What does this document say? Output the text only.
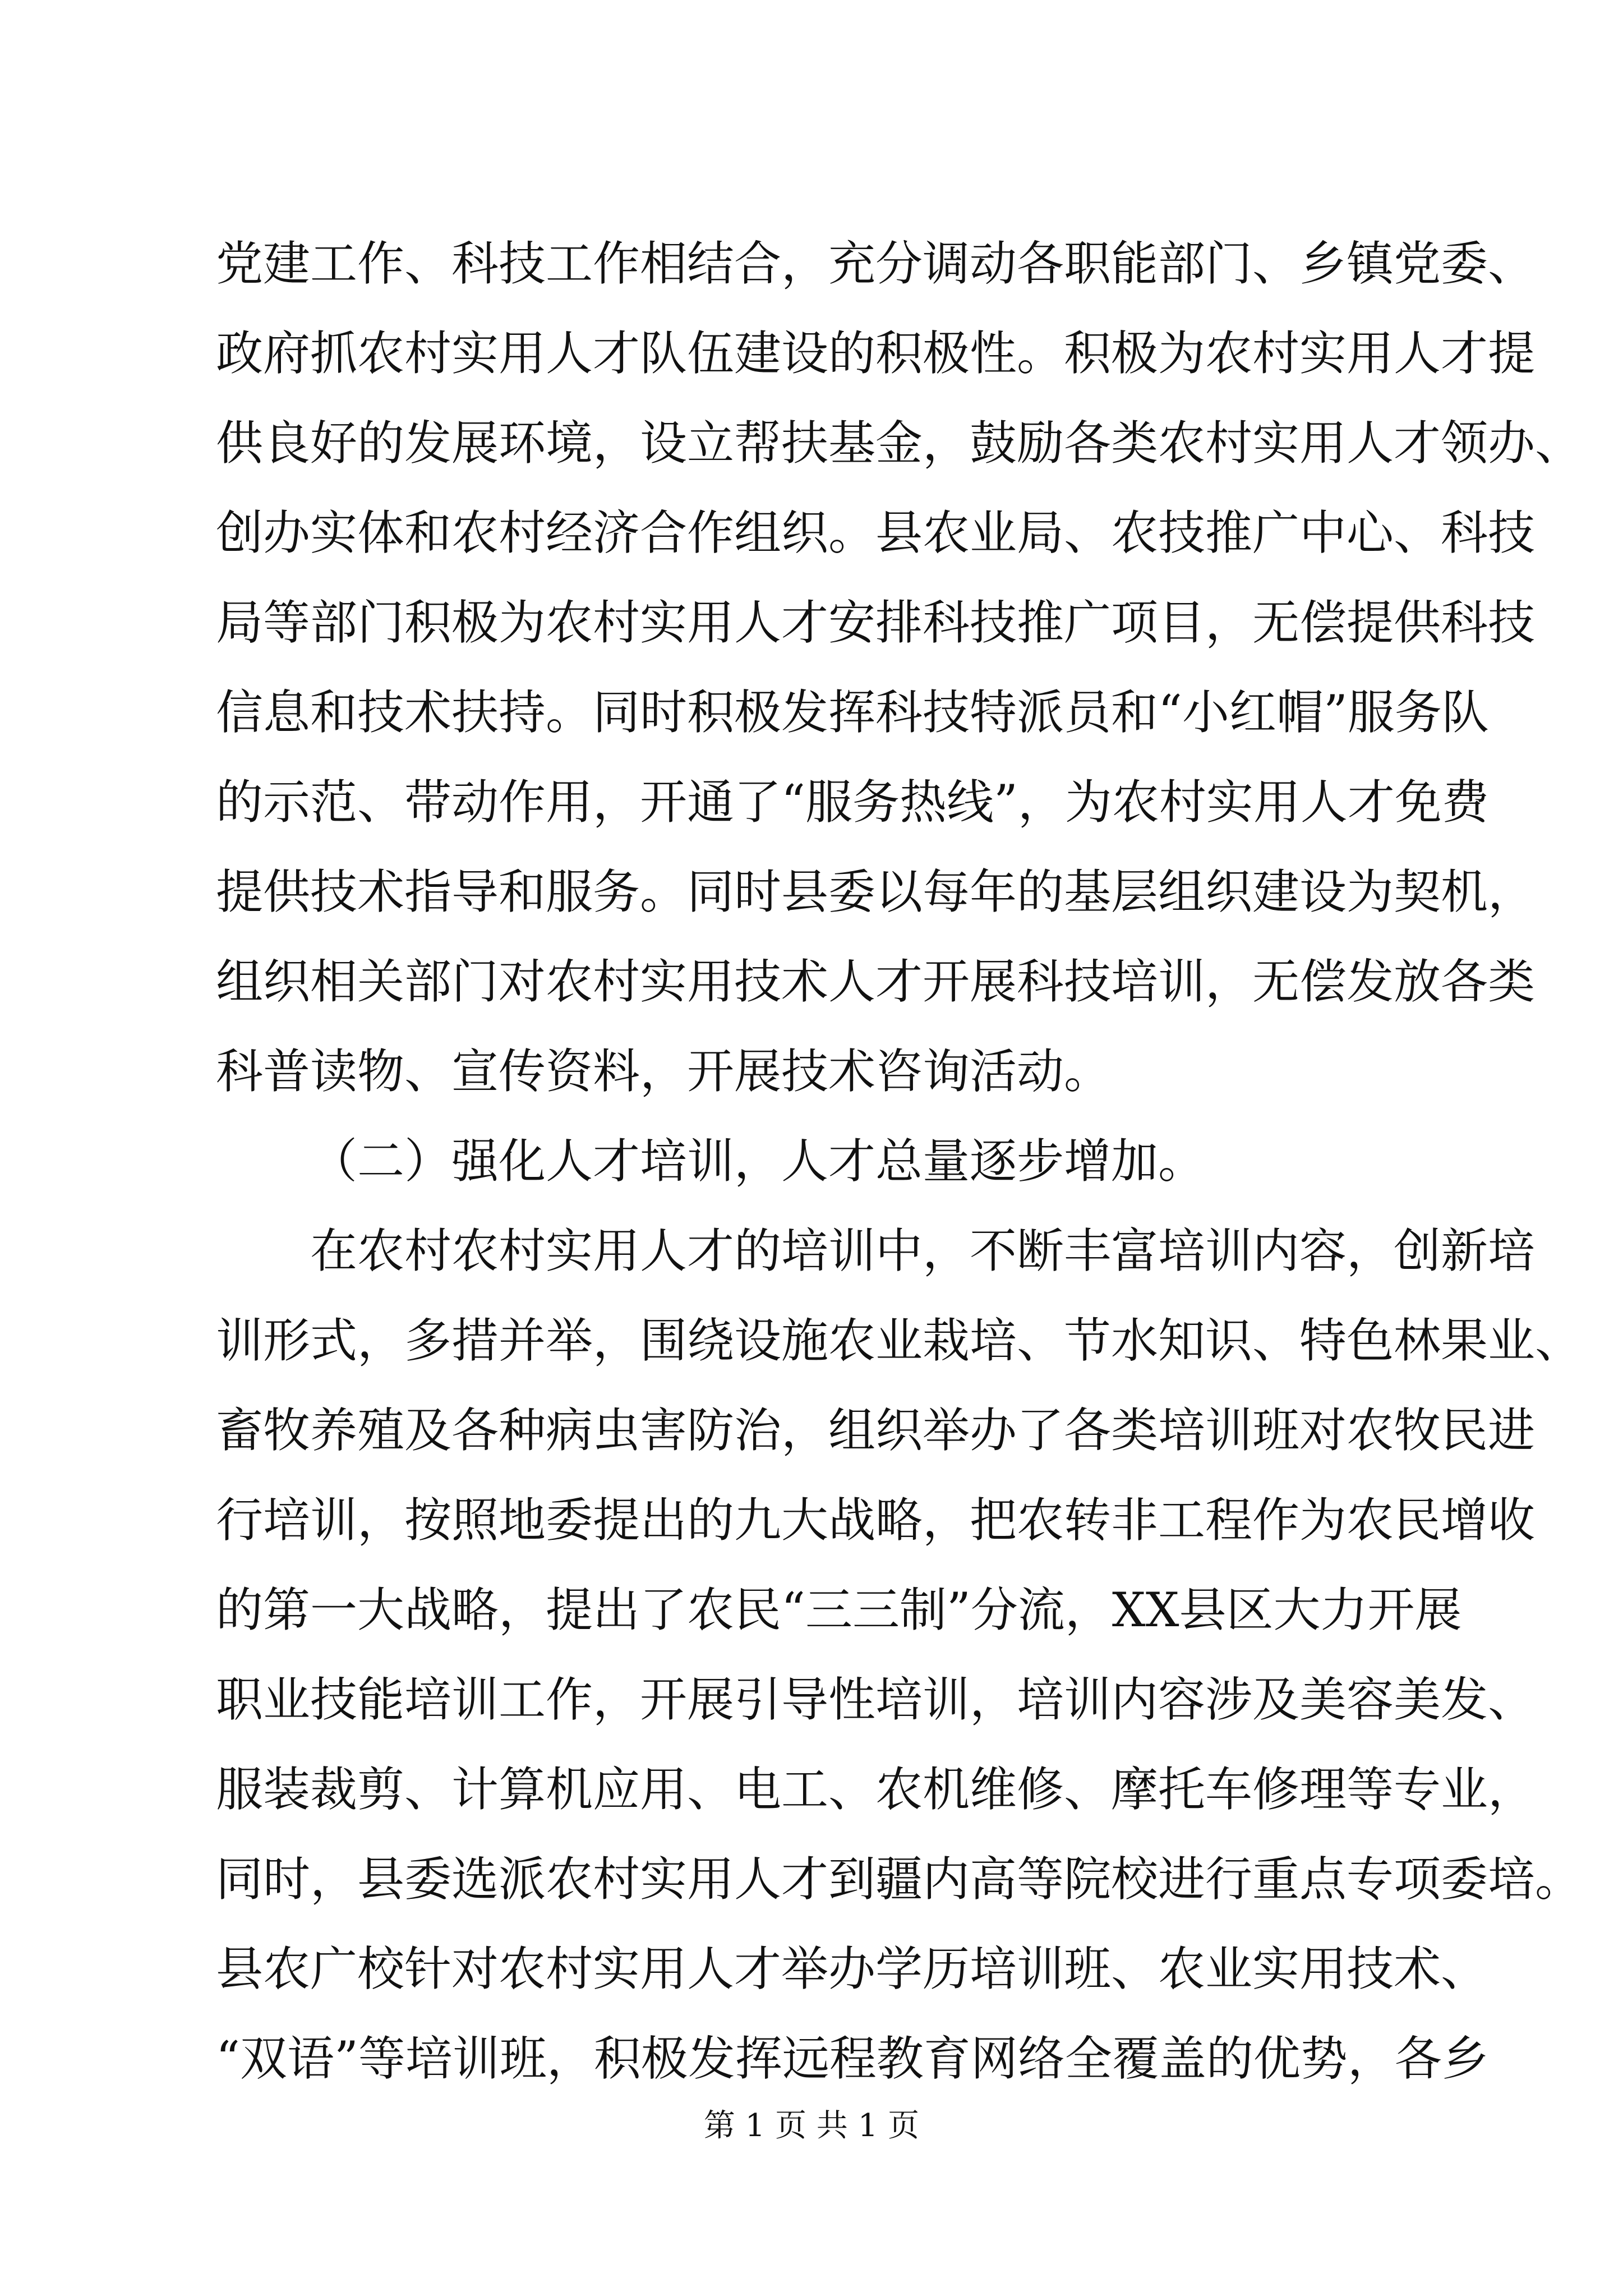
党建工作、科技工作相结合，充分调动各职能部门、乡镇党委、
政府抓农村实用人才队伍建设的积极性。积极为农村实用人才提
供良好的发展环境，设立帮扶基金，鼓励各类农村实用人才领办、
创办实体和农村经济合作组织。县农业局、农技推广中心、科技
局等部门积极为农村实用人才安排科技推广项目，无偿提供科技
信息和技术扶持。同时积极发挥科技特派员和“小红帽”服务队
的示范、带动作用，开通了“服务热线”，为农村实用人才免费
提供技术指导和服务。同时县委以每年的基层组织建设为契机，
组织相关部门对农村实用技术人才开展科技培训，无偿发放各类
科普读物、宣传资料，开展技术咨询活动。
（二）强化人才培训，人才总量逐步增加。
在农村农村实用人才的培训中，不断丰富培训内容，创新培
训形式，多措并举，围绕设施农业栽培、节水知识、特色林果业、
畜牧养殖及各种病虫害防治，组织举办了各类培训班对农牧民进
行培训，按照地委提出的九大战略，把农转非工程作为农民增收
的第一大战略，提出了农民“三三制”分流，XX县区大力开展
职业技能培训工作，开展引导性培训，培训内容涉及美容美发、
服装裁剪、计算机应用、电工、农机维修、摩托车修理等专业，
同时，县委选派农村实用人才到疆内高等院校进行重点专项委培。
县农广校针对农村实用人才举办学历培训班、农业实用技术、
“双语”等培训班，积极发挥远程教育网络全覆盖的优势，各乡
第 1 页 共 1 页
